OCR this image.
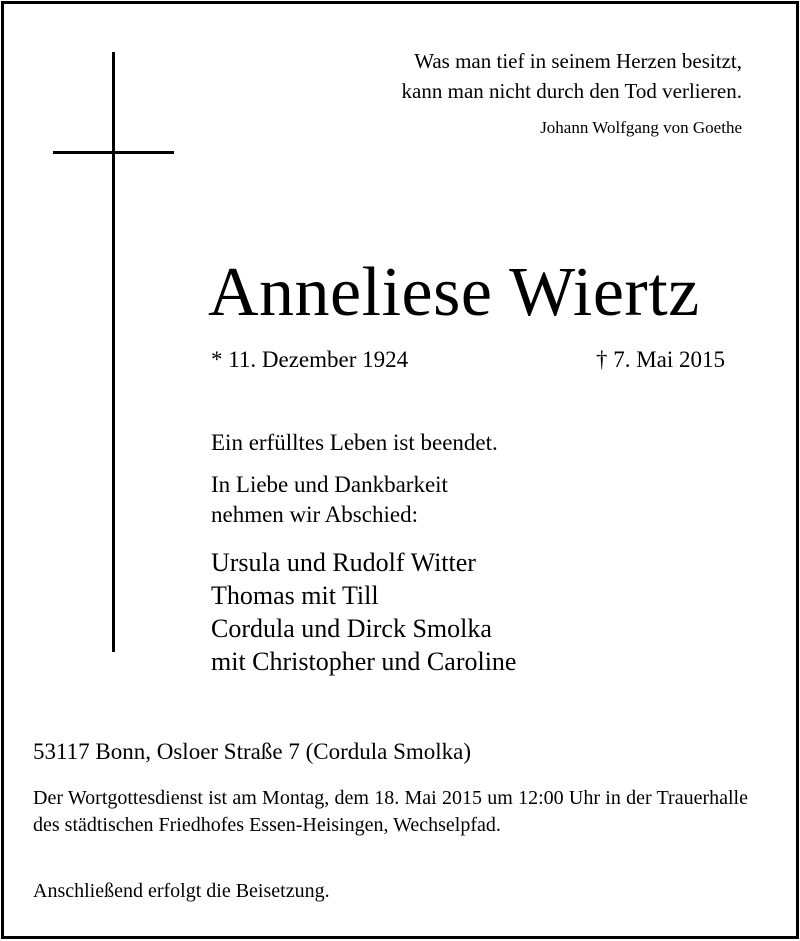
Was man tief in seinem Herzen besitzt,
kann man nicht durch den Tod verlieren.
Johann Wolfgang von Goethe
Anneliese Wiertz
* 11. Dezember 1924	† 7. Mai 2015
Ein erfülltes Leben ist beendet.
In Liebe und Dankbarkeit
nehmen wir Abschied:
Ursula und Rudolf Witter
Thomas mit Till
Cordula und Dirck Smolka
mit Christopher und Caroline
53117 Bonn, Osloer Straße 7 (Cordula Smolka)
Der Wortgottesdienst ist am Montag, dem 18. Mai 2015 um 12:00 Uhr in der Trauerhalle des städtischen Friedhofes Essen-Heisingen, Wechselpfad.
Anschließend erfolgt die Beisetzung.
